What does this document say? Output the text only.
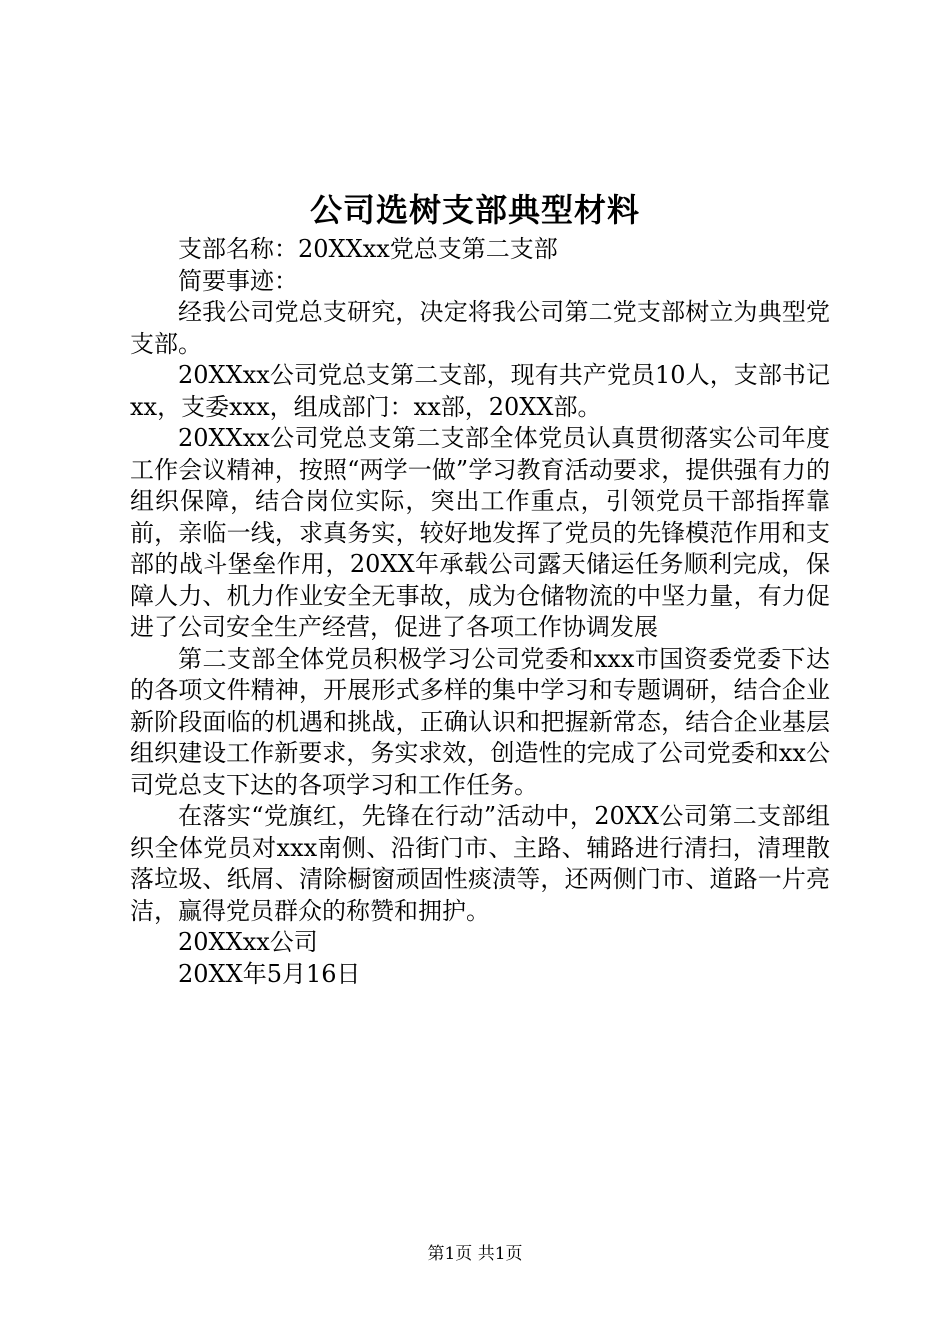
公司选树支部典型材料

支部名称：20XXxx党总支第二支部

简要事迹：

经我公司党总支研究，决定将我公司第二党支部树立为典型党支部。

20XXxx公司党总支第二支部，现有共产党员10人，支部书记xx，支委xxx，组成部门：xx部，20XX部。

20XXxx公司党总支第二支部全体党员认真贯彻落实公司年度工作会议精神，按照“两学一做”学习教育活动要求，提供强有力的组织保障，结合岗位实际，突出工作重点，引领党员干部指挥靠前，亲临一线，求真务实，较好地发挥了党员的先锋模范作用和支部的战斗堡垒作用，20XX年承载公司露天储运任务顺利完成，保障人力、机力作业安全无事故，成为仓储物流的中坚力量，有力促进了公司安全生产经营，促进了各项工作协调发展

第二支部全体党员积极学习公司党委和xxx市国资委党委下达的各项文件精神，开展形式多样的集中学习和专题调研，结合企业新阶段面临的机遇和挑战，正确认识和把握新常态，结合企业基层组织建设工作新要求，务实求效，创造性的完成了公司党委和xx公司党总支下达的各项学习和工作任务。

在落实“党旗红，先锋在行动”活动中，20XX公司第二支部组织全体党员对xxx南侧、沿街门市、主路、辅路进行清扫，清理散落垃圾、纸屑、清除橱窗顽固性痰渍等，还两侧门市、道路一片亮洁，赢得党员群众的称赞和拥护。

20XXxx公司

20XX年5月16日

第1页 共1页
